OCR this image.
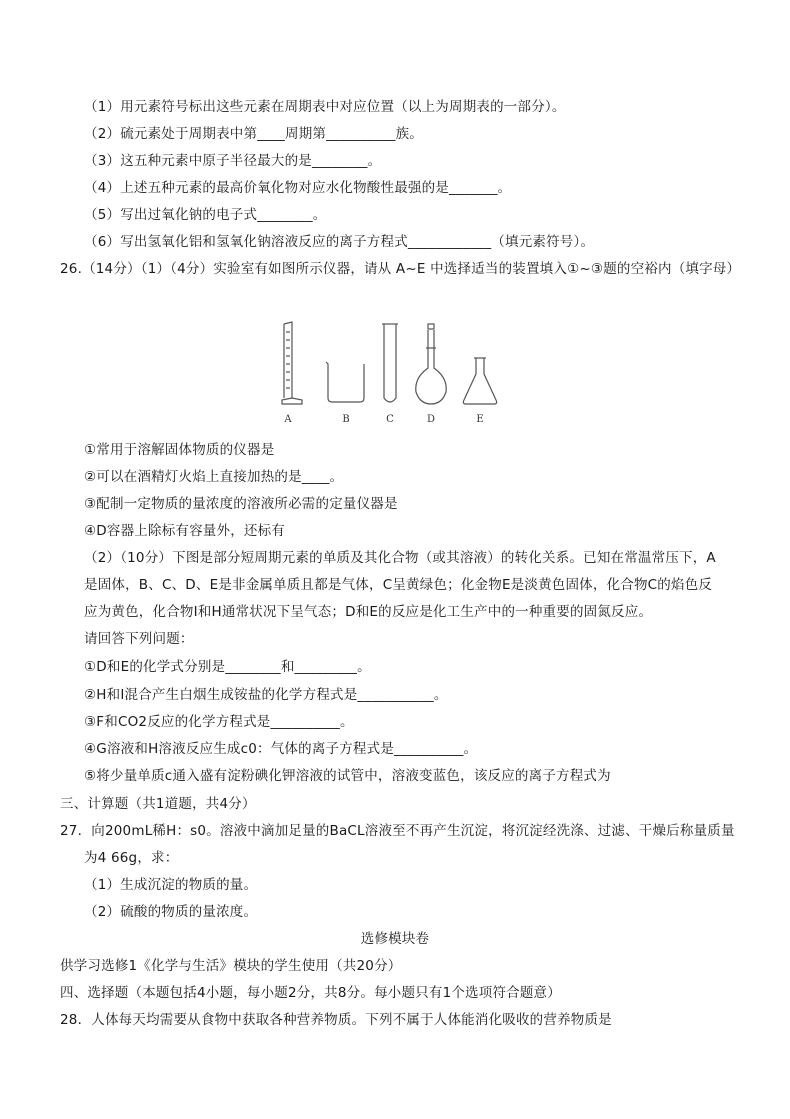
（1）用元素符号标出这些元素在周期表中对应位置（以上为周期表的一部分）。
（2）硫元素处于周期表中第____周期第__________族。
（3）这五种元素中原子半径最大的是________。
（4）上述五种元素的最高价氧化物对应水化物酸性最强的是_______。
（5）写出过氧化钠的电子式________。
（6）写出氢氧化铝和氢氧化钠溶液反应的离子方程式____________（填元素符号）。
26.（14分）（1）（4分）实验室有如图所示仪器，请从 A~E 中选择适当的装置填入①~③题的空裕内（填字母）
A	B	C	D	E
①常用于溶解固体物质的仪器是
②可以在酒精灯火焰上直接加热的是____。
③配制一定物质的量浓度的溶液所必需的定量仪器是
④D容器上除标有容量外，还标有
（2）（10分）下图是部分短周期元素的单质及其化合物（或其溶液）的转化关系。已知在常温常压下，A
是固体，B、C、D、E是非金属单质且都是气体，C呈黄绿色；化金物E是淡黄色固体，化合物C的焰色反
应为黄色，化合物I和H通常状况下呈气态；D和E的反应是化工生产中的一种重要的固氮反应。
请回答下列问题：
①D和E的化学式分别是________和_________。
②H和I混合产生白烟生成铵盐的化学方程式是___________。
③F和CO2反应的化学方程式是__________。
④G溶液和H溶液反应生成c0：气体的离子方程式是__________。
⑤将少量单质c通入盛有淀粉碘化钾溶液的试管中，溶液变蓝色，该反应的离子方程式为
三、计算题（共1道题，共4分）
27．向200mL稀H：s0。溶液中滴加足量的BaCL溶液至不再产生沉淀，将沉淀经洗涤、过滤、干燥后称量质量
为4 66g，求：
（1）生成沉淀的物质的量。
（2）硫酸的物质的量浓度。
选修模块卷
供学习选修1《化学与生活》模块的学生使用（共20分）
四、选择题（本题包括4小题，每小题2分，共8分。每小题只有1个选项符合题意）
28．人体每天均需要从食物中获取各种营养物质。下列不属于人体能消化吸收的营养物质是
